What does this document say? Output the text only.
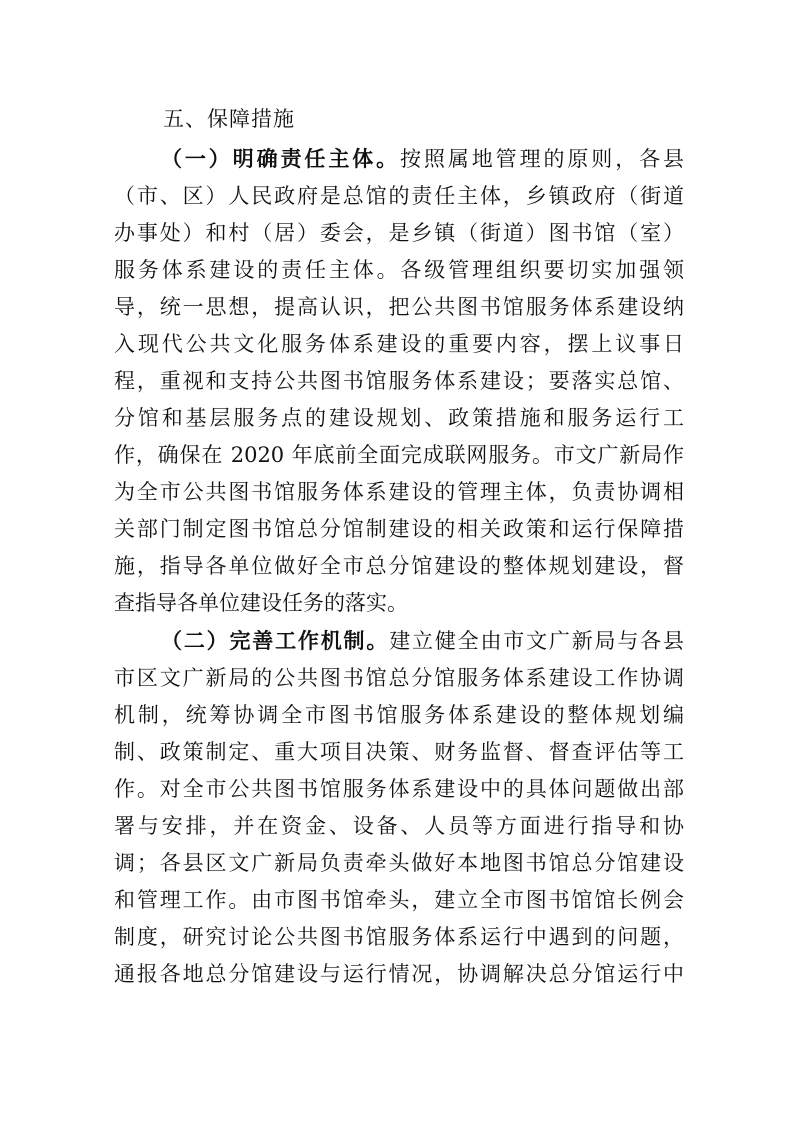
五、保障措施
（一）明确责任主体。按照属地管理的原则，各县
（市、区）人民政府是总馆的责任主体，乡镇政府（街道
办事处）和村（居）委会，是乡镇（街道）图书馆（室）
服务体系建设的责任主体。各级管理组织要切实加强领
导，统一思想，提高认识，把公共图书馆服务体系建设纳
入现代公共文化服务体系建设的重要内容，摆上议事日
程，重视和支持公共图书馆服务体系建设；要落实总馆、
分馆和基层服务点的建设规划、政策措施和服务运行工
作，确保在 2020 年底前全面完成联网服务。市文广新局作
为全市公共图书馆服务体系建设的管理主体，负责协调相
关部门制定图书馆总分馆制建设的相关政策和运行保障措
施，指导各单位做好全市总分馆建设的整体规划建设，督
查指导各单位建设任务的落实。
（二）完善工作机制。建立健全由市文广新局与各县
市区文广新局的公共图书馆总分馆服务体系建设工作协调
机制，统筹协调全市图书馆服务体系建设的整体规划编
制、政策制定、重大项目决策、财务监督、督查评估等工
作。对全市公共图书馆服务体系建设中的具体问题做出部
署与安排，并在资金、设备、人员等方面进行指导和协
调；各县区文广新局负责牵头做好本地图书馆总分馆建设
和管理工作。由市图书馆牵头，建立全市图书馆馆长例会
制度，研究讨论公共图书馆服务体系运行中遇到的问题，
通报各地总分馆建设与运行情况，协调解决总分馆运行中
